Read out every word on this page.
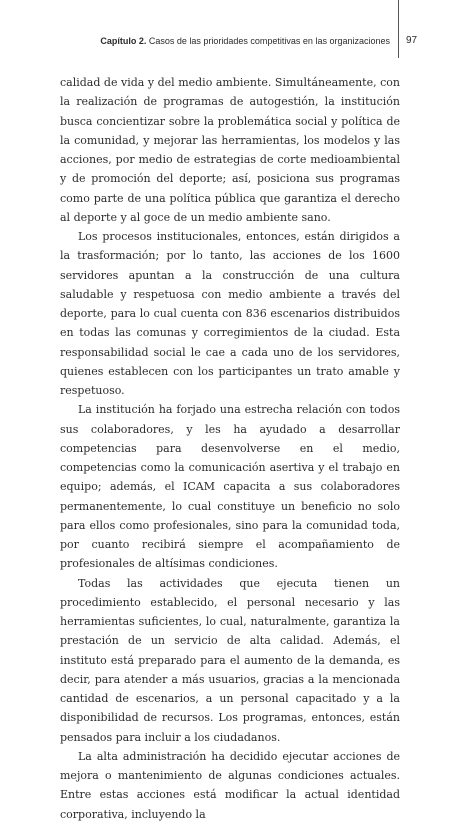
Capítulo 2. Casos de las prioridades competitivas en las organizaciones 97

calidad de vida y del medio ambiente. Simultáneamente, con la realización de programas de autogestión, la institución busca concientizar sobre la problemática social y política de la comunidad, y mejorar las herramientas, los modelos y las acciones, por medio de estrategias de corte medioambiental y de promoción del deporte; así, posiciona sus programas como parte de una política pública que garantiza el derecho al deporte y al goce de un medio ambiente sano.

Los procesos institucionales, entonces, están dirigidos a la trasformación; por lo tanto, las acciones de los 1600 servidores apuntan a la construcción de una cultura saludable y respetuosa con medio ambiente a través del deporte, para lo cual cuenta con 836 escenarios distribuidos en todas las comunas y corregimientos de la ciudad. Esta responsabilidad social le cae a cada uno de los servidores, quienes establecen con los participantes un trato amable y respetuoso.

La institución ha forjado una estrecha relación con todos sus colaboradores, y les ha ayudado a desarrollar competencias para desenvolverse en el medio, competencias como la comunicación asertiva y el trabajo en equipo; además, el ICAM capacita a sus colaboradores permanentemente, lo cual constituye un beneficio no solo para ellos como profesionales, sino para la comunidad toda, por cuanto recibirá siempre el acompañamiento de profesionales de altísimas condiciones.

Todas las actividades que ejecuta tienen un procedimiento establecido, el personal necesario y las herramientas suficientes, lo cual, naturalmente, garantiza la prestación de un servicio de alta calidad. Además, el instituto está preparado para el aumento de la demanda, es decir, para atender a más usuarios, gracias a la mencionada cantidad de escenarios, a un personal capacitado y a la disponibilidad de recursos. Los programas, entonces, están pensados para incluir a los ciudadanos.

La alta administración ha decidido ejecutar acciones de mejora o mantenimiento de algunas condiciones actuales. Entre estas acciones está modificar la actual identidad corporativa, incluyendo la
